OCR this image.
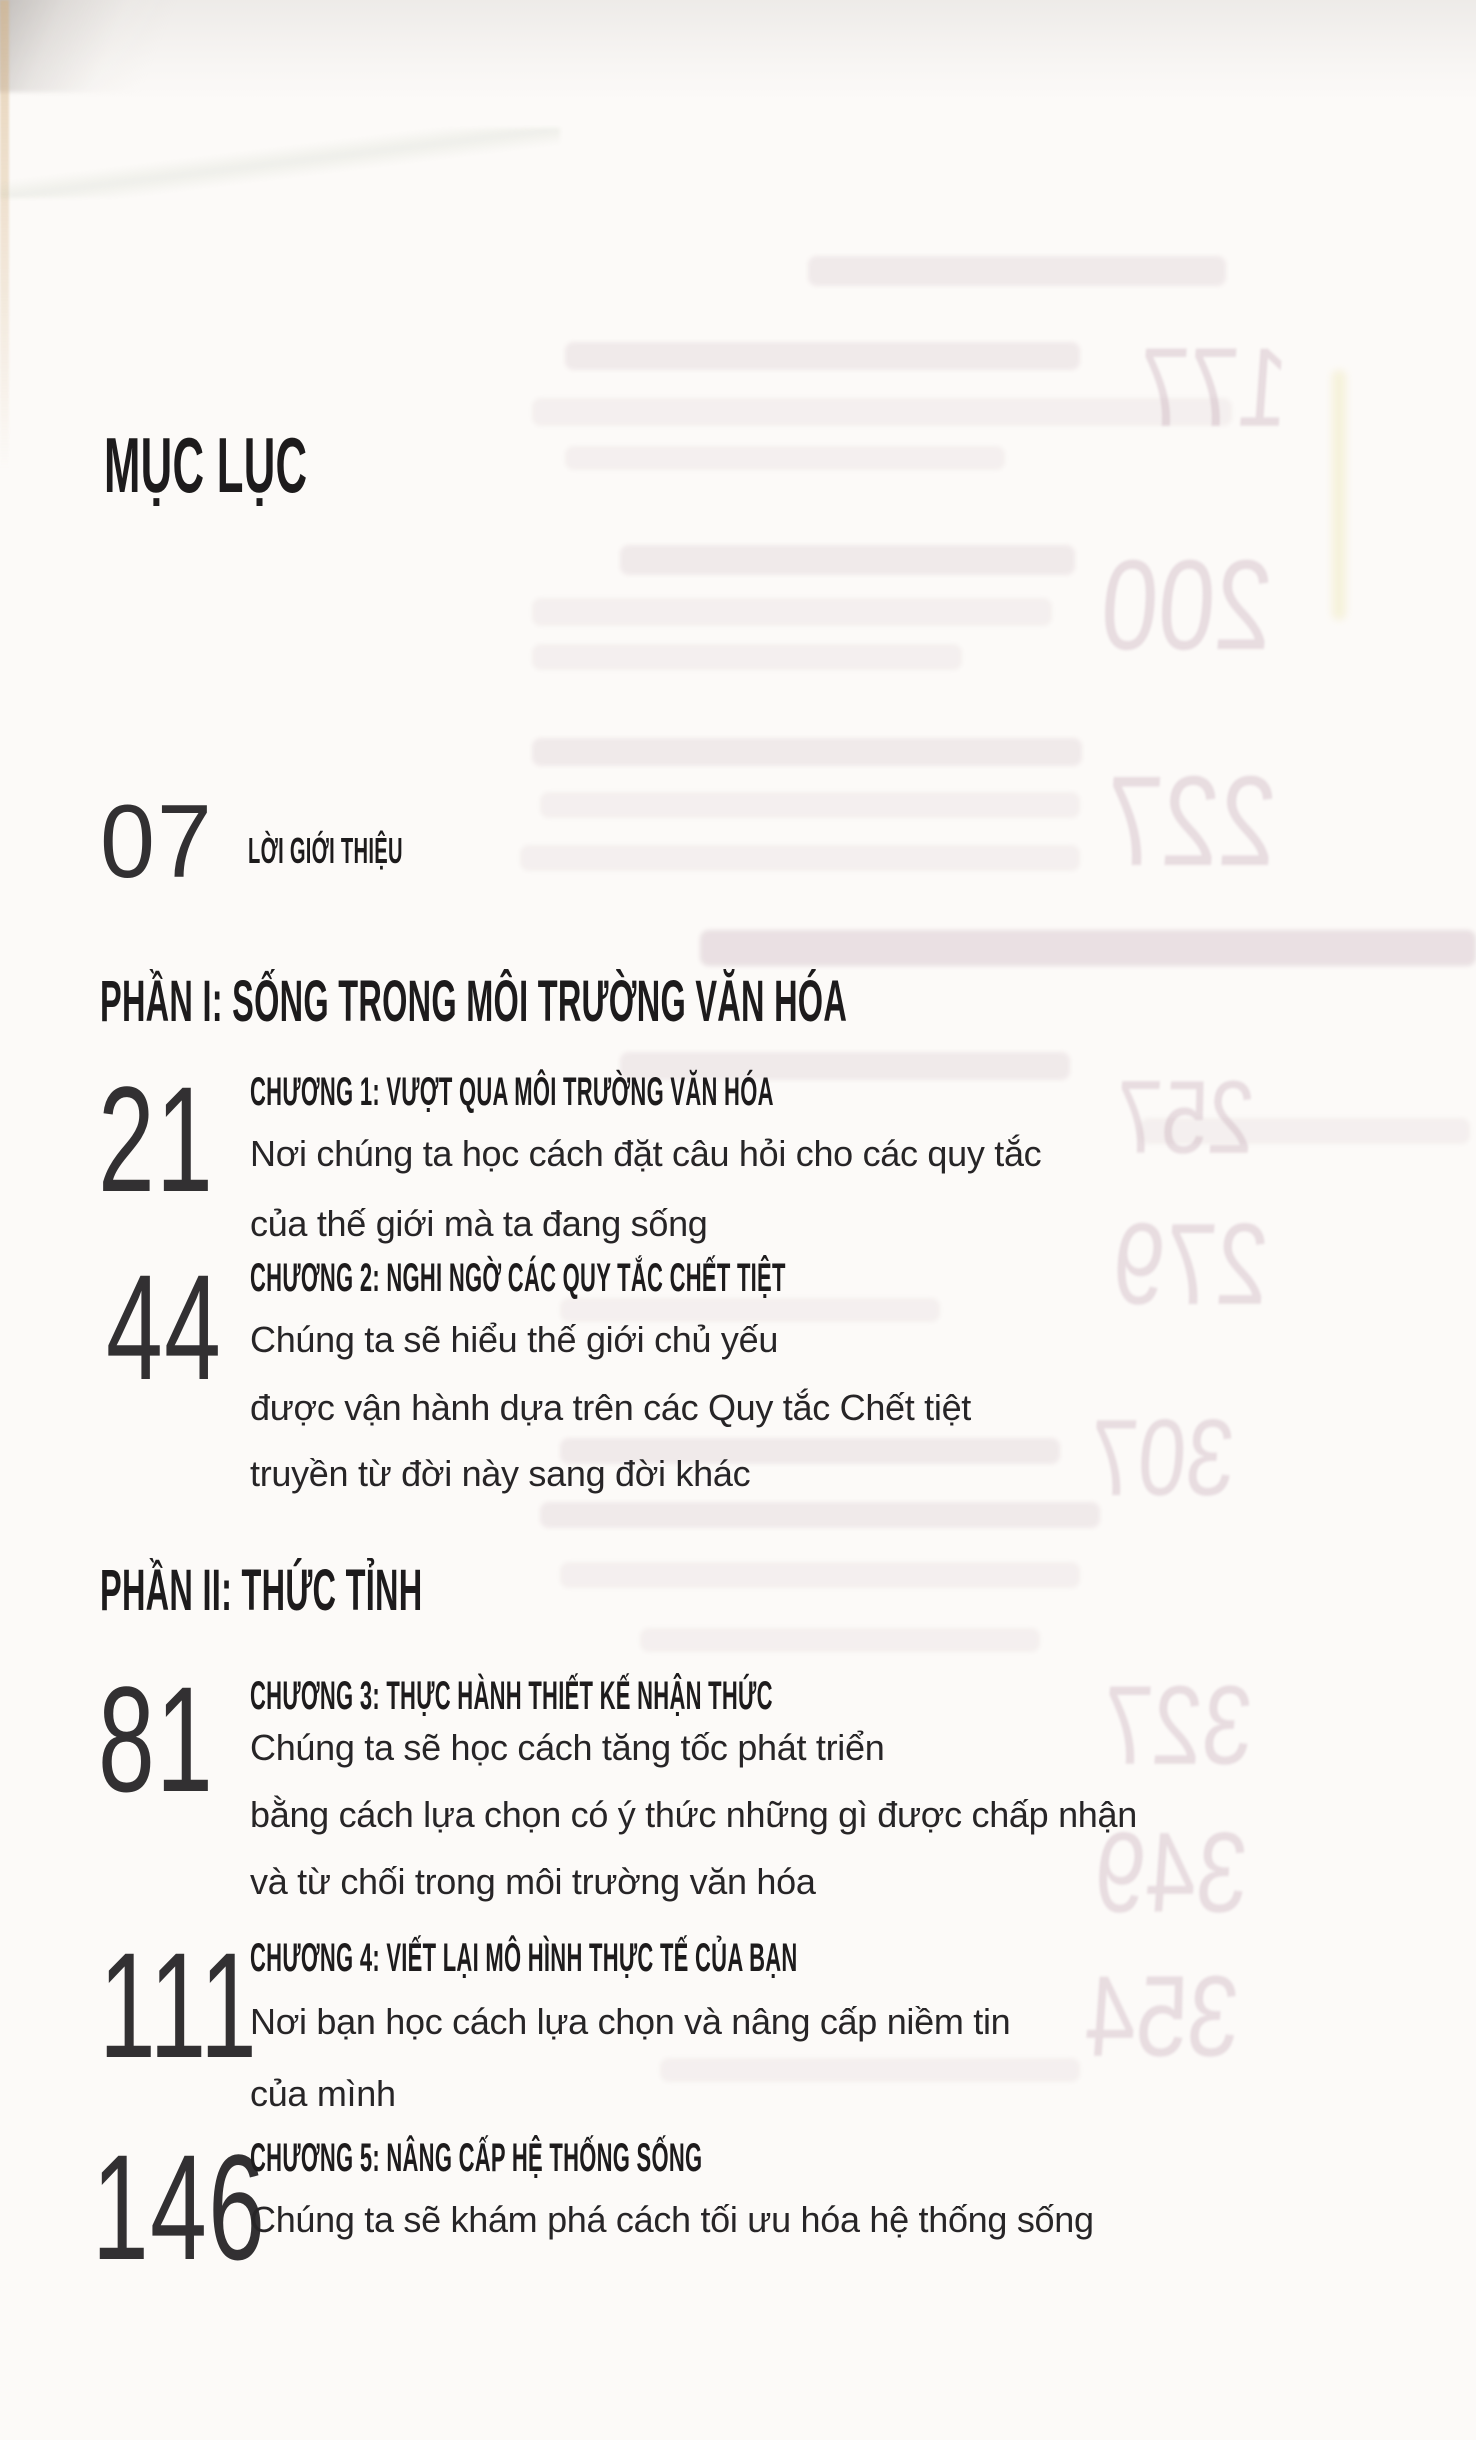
177
200
227
257
279
307
327
349
354
MỤC LỤC
07 LỜI GIỚI THIỆU
PHẦN I: SỐNG TRONG MÔI TRƯỜNG VĂN HÓA
21 CHƯƠNG 1: VƯỢT QUA MÔI TRƯỜNG VĂN HÓA
Nơi chúng ta học cách đặt câu hỏi cho các quy tắc
của thế giới mà ta đang sống
44 CHƯƠNG 2: NGHI NGỜ CÁC QUY TẮC CHẾT TIỆT
Chúng ta sẽ hiểu thế giới chủ yếu
được vận hành dựa trên các Quy tắc Chết tiệt
truyền từ đời này sang đời khác
PHẦN II: THỨC TỈNH
81 CHƯƠNG 3: THỰC HÀNH THIẾT KẾ NHẬN THỨC
Chúng ta sẽ học cách tăng tốc phát triển
bằng cách lựa chọn có ý thức những gì được chấp nhận
và từ chối trong môi trường văn hóa
111
CHƯƠNG 4: VIẾT LẠI MÔ HÌNH THỰC TẾ CỦA BẠN
Nơi bạn học cách lựa chọn và nâng cấp niềm tin
của mình
146
CHƯƠNG 5: NÂNG CẤP HỆ THỐNG SỐNG
Chúng ta sẽ khám phá cách tối ưu hóa hệ thống sống
